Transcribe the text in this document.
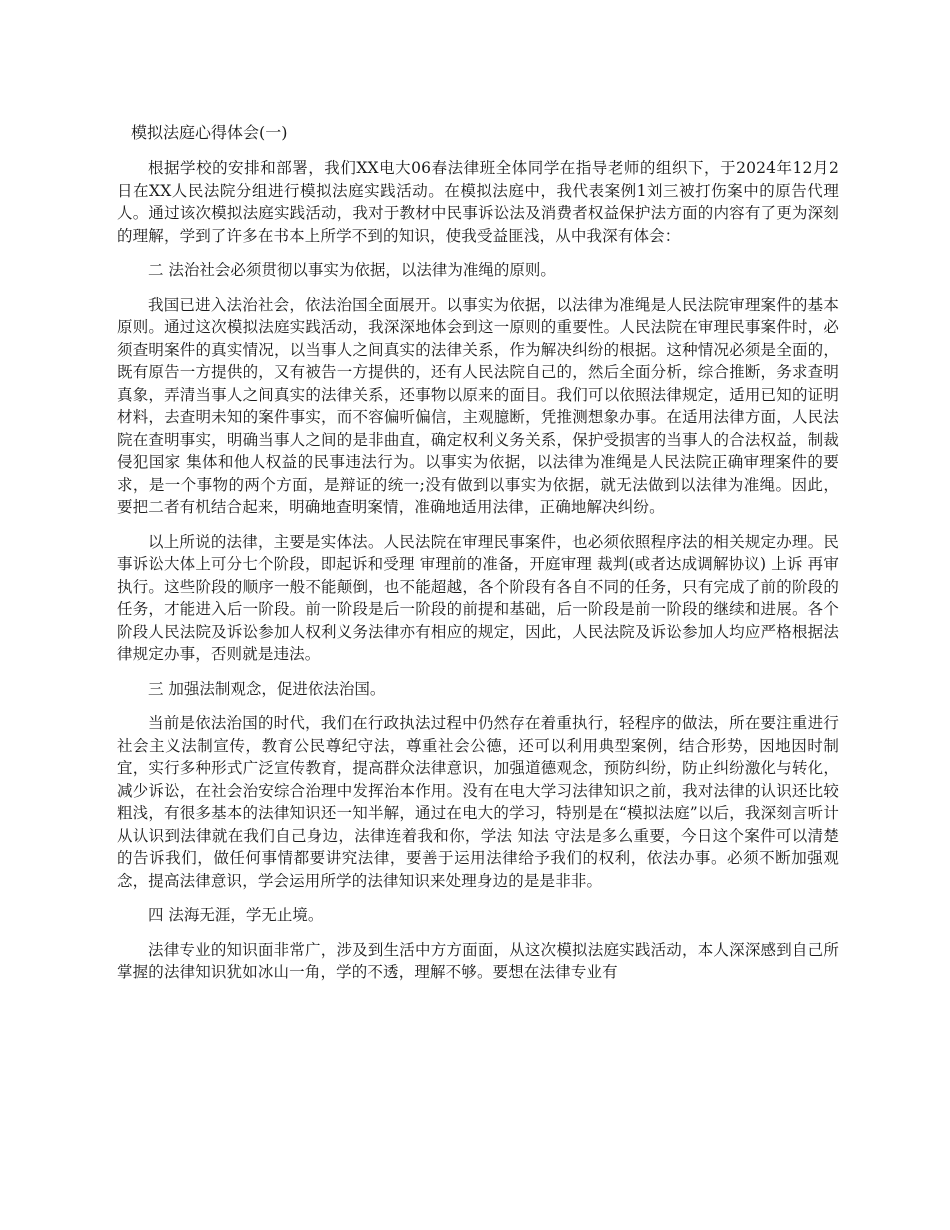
模拟法庭心得体会(一)

根据学校的安排和部署，我们XX电大06春法律班全体同学在指导老师的组织下，于2024年12月2日在XX人民法院分组进行模拟法庭实践活动。在模拟法庭中，我代表案例1刘三被打伤案中的原告代理人。通过该次模拟法庭实践活动，我对于教材中民事诉讼法及消费者权益保护法方面的内容有了更为深刻的理解，学到了许多在书本上所学不到的知识，使我受益匪浅，从中我深有体会：

二 法治社会必须贯彻以事实为依据，以法律为准绳的原则。

我国已进入法治社会，依法治国全面展开。以事实为依据，以法律为准绳是人民法院审理案件的基本原则。通过这次模拟法庭实践活动，我深深地体会到这一原则的重要性。人民法院在审理民事案件时，必须查明案件的真实情况，以当事人之间真实的法律关系，作为解决纠纷的根据。这种情况必须是全面的，既有原告一方提供的，又有被告一方提供的，还有人民法院自己的，然后全面分析，综合推断，务求查明真象，弄清当事人之间真实的法律关系，还事物以原来的面目。我们可以依照法律规定，适用已知的证明材料，去查明未知的案件事实，而不容偏听偏信，主观臆断，凭推测想象办事。在适用法律方面，人民法院在查明事实，明确当事人之间的是非曲直，确定权利义务关系，保护受损害的当事人的合法权益，制裁侵犯国家 集体和他人权益的民事违法行为。以事实为依据，以法律为准绳是人民法院正确审理案件的要求，是一个事物的两个方面，是辩证的统一;没有做到以事实为依据，就无法做到以法律为准绳。因此，要把二者有机结合起来，明确地查明案情，准确地适用法律，正确地解决纠纷。

以上所说的法律，主要是实体法。人民法院在审理民事案件，也必须依照程序法的相关规定办理。民事诉讼大体上可分七个阶段，即起诉和受理 审理前的准备，开庭审理 裁判(或者达成调解协议) 上诉 再审 执行。这些阶段的顺序一般不能颠倒，也不能超越，各个阶段有各自不同的任务，只有完成了前的阶段的任务，才能进入后一阶段。前一阶段是后一阶段的前提和基础，后一阶段是前一阶段的继续和进展。各个阶段人民法院及诉讼参加人权利义务法律亦有相应的规定，因此，人民法院及诉讼参加人均应严格根据法律规定办事，否则就是违法。

三 加强法制观念，促进依法治国。

当前是依法治国的时代，我们在行政执法过程中仍然存在着重执行，轻程序的做法，所在要注重进行社会主义法制宣传，教育公民尊纪守法，尊重社会公德，还可以利用典型案例，结合形势，因地因时制宜，实行多种形式广泛宣传教育，提高群众法律意识，加强道德观念，预防纠纷，防止纠纷激化与转化，减少诉讼，在社会治安综合治理中发挥治本作用。没有在电大学习法律知识之前，我对法律的认识还比较粗浅，有很多基本的法律知识还一知半解，通过在电大的学习，特别是在“模拟法庭”以后，我深刻言听计从认识到法律就在我们自己身边，法律连着我和你，学法 知法 守法是多么重要，今日这个案件可以清楚的告诉我们，做任何事情都要讲究法律，要善于运用法律给予我们的权利，依法办事。必须不断加强观念，提高法律意识，学会运用所学的法律知识来处理身边的是是非非。

四 法海无涯，学无止境。

法律专业的知识面非常广，涉及到生活中方方面面，从这次模拟法庭实践活动，本人深深感到自己所掌握的法律知识犹如冰山一角，学的不透，理解不够。要想在法律专业有
